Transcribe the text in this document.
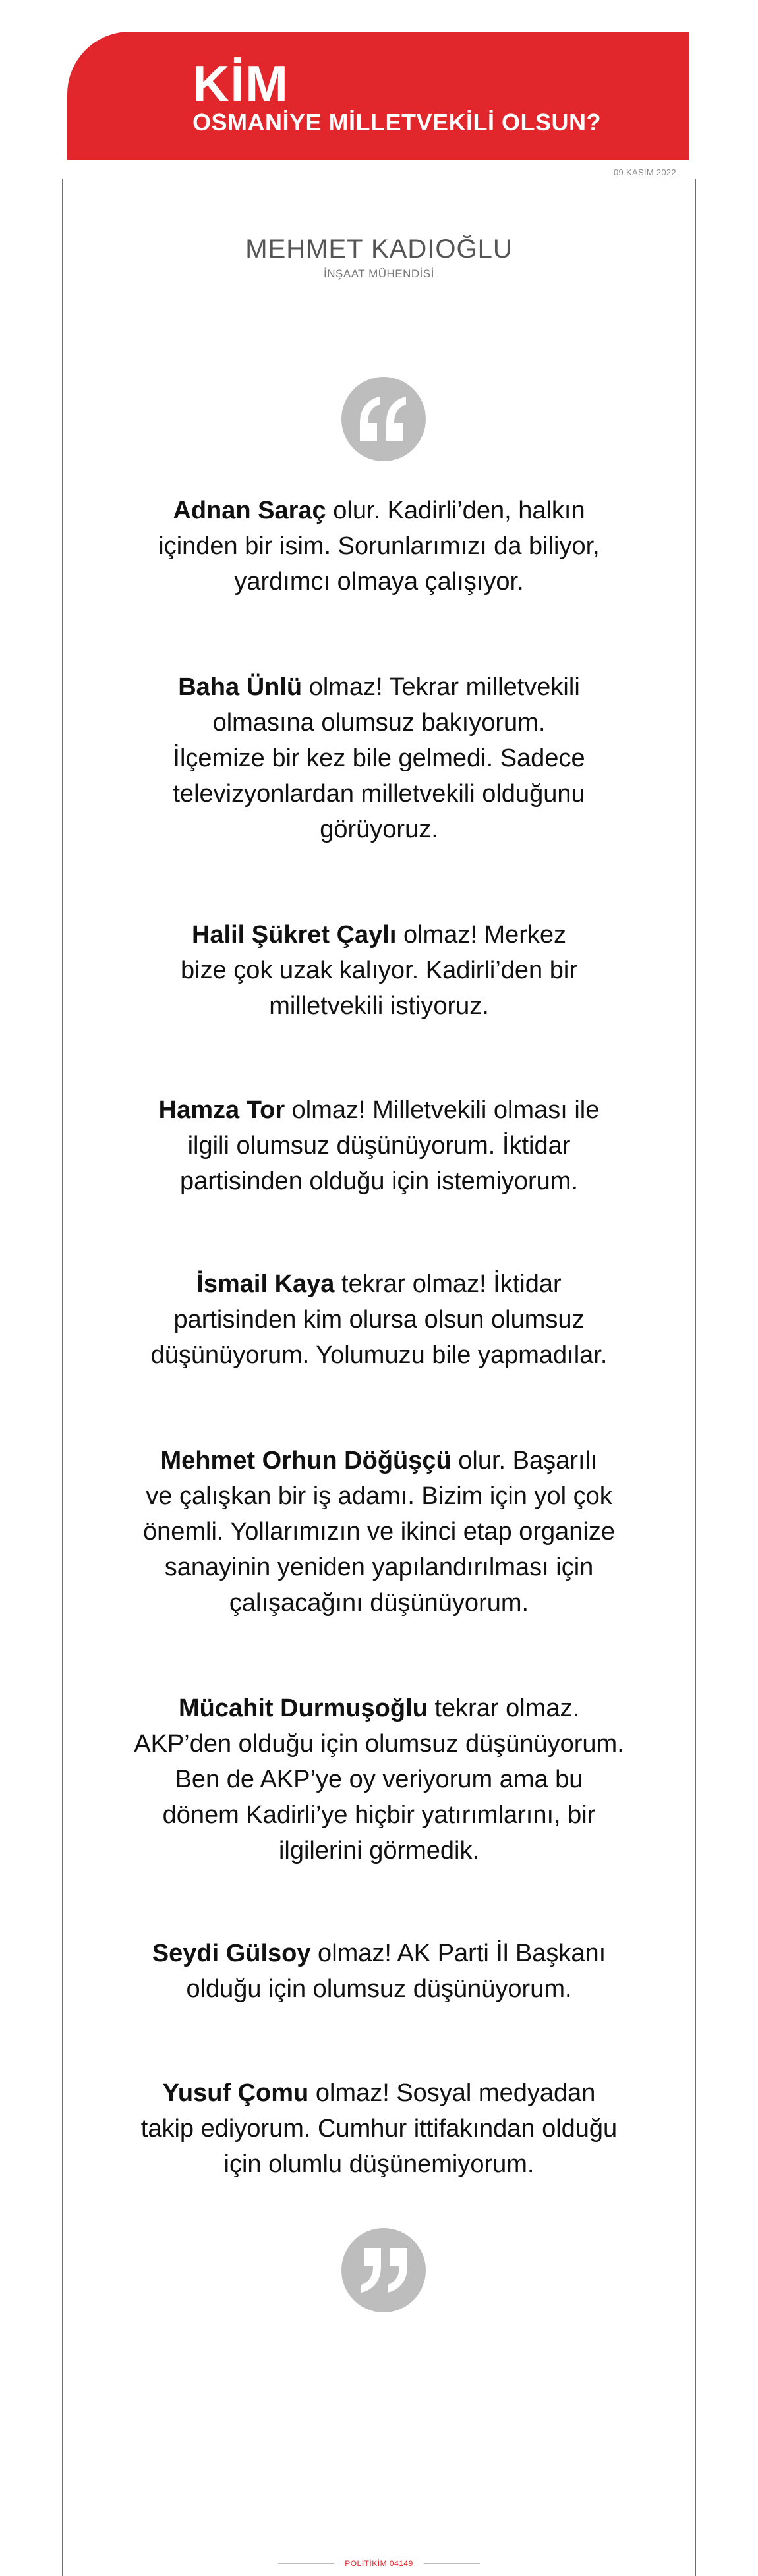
KİM
OSMANİYE MİLLETVEKİLİ OLSUN?
09 KASIM 2022
MEHMET KADIOĞLU
İNŞAAT MÜHENDİSİ
Adnan Saraç olur. Kadirli’den, halkın
içinden bir isim. Sorunlarımızı da biliyor,
yardımcı olmaya çalışıyor.
Baha Ünlü olmaz! Tekrar milletvekili
olmasına olumsuz bakıyorum.
İlçemize bir kez bile gelmedi. Sadece
televizyonlardan milletvekili olduğunu
görüyoruz.
Halil Şükret Çaylı olmaz! Merkez
bize çok uzak kalıyor. Kadirli’den bir
milletvekili istiyoruz.
Hamza Tor olmaz! Milletvekili olması ile
ilgili olumsuz düşünüyorum. İktidar
partisinden olduğu için istemiyorum.
İsmail Kaya tekrar olmaz! İktidar
partisinden kim olursa olsun olumsuz
düşünüyorum. Yolumuzu bile yapmadılar.
Mehmet Orhun Döğüşçü olur. Başarılı
ve çalışkan bir iş adamı. Bizim için yol çok
önemli. Yollarımızın ve ikinci etap organize
sanayinin yeniden yapılandırılması için
çalışacağını düşünüyorum.
Mücahit Durmuşoğlu tekrar olmaz.
AKP’den olduğu için olumsuz düşünüyorum.
Ben de AKP’ye oy veriyorum ama bu
dönem Kadirli’ye hiçbir yatırımlarını, bir
ilgilerini görmedik.
Seydi Gülsoy olmaz! AK Parti İl Başkanı
olduğu için olumsuz düşünüyorum.
Yusuf Çomu olmaz! Sosyal medyadan
takip ediyorum. Cumhur ittifakından olduğu
için olumlu düşünemiyorum.
POLİTİKİM 04149
